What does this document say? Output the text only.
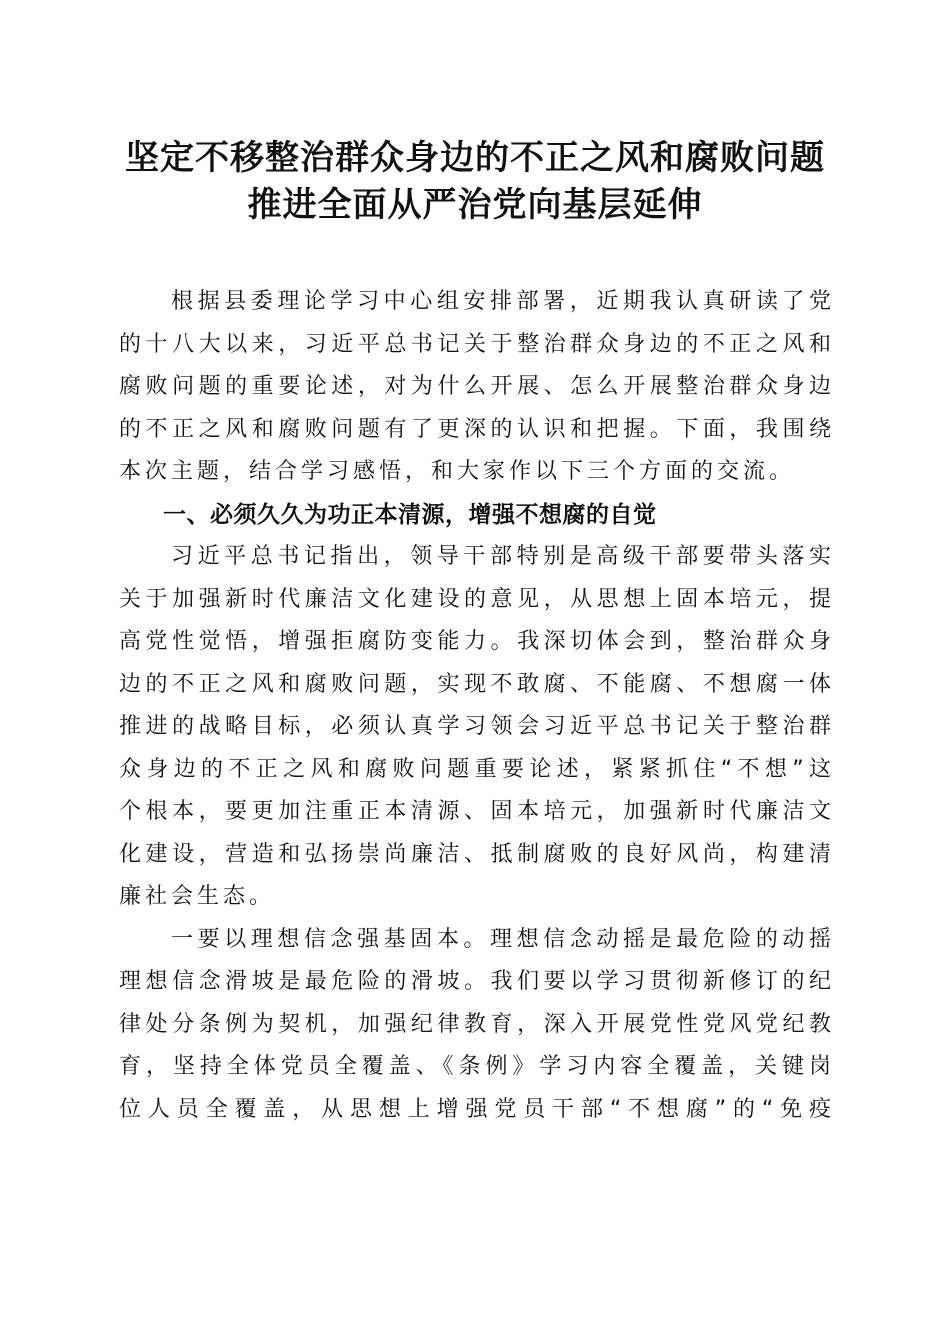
坚定不移整治群众身边的不正之风和腐败问题
推进全面从严治党向基层延伸
根据县委理论学习中心组安排部署，近期我认真研读了党
的十八大以来，习近平总书记关于整治群众身边的不正之风和
腐败问题的重要论述，对为什么开展、怎么开展整治群众身边
的不正之风和腐败问题有了更深的认识和把握。下面，我围绕
本次主题，结合学习感悟，和大家作以下三个方面的交流。
一、必须久久为功正本清源，增强不想腐的自觉
习近平总书记指出，领导干部特别是高级干部要带头落实
关于加强新时代廉洁文化建设的意见，从思想上固本培元，提
高党性觉悟，增强拒腐防变能力。我深切体会到，整治群众身
边的不正之风和腐败问题，实现不敢腐、不能腐、不想腐一体
推进的战略目标，必须认真学习领会习近平总书记关于整治群
众身边的不正之风和腐败问题重要论述，紧紧抓住“不想”这
个根本，要更加注重正本清源、固本培元，加强新时代廉洁文
化建设，营造和弘扬崇尚廉洁、抵制腐败的良好风尚，构建清
廉社会生态。
一要以理想信念强基固本。理想信念动摇是最危险的动摇
理想信念滑坡是最危险的滑坡。我们要以学习贯彻新修订的纪
律处分条例为契机，加强纪律教育，深入开展党性党风党纪教
育，坚持全体党员全覆盖、《条例》学习内容全覆盖，关键岗
位人员全覆盖，从思想上增强党员干部“不想腐”的“免疫
